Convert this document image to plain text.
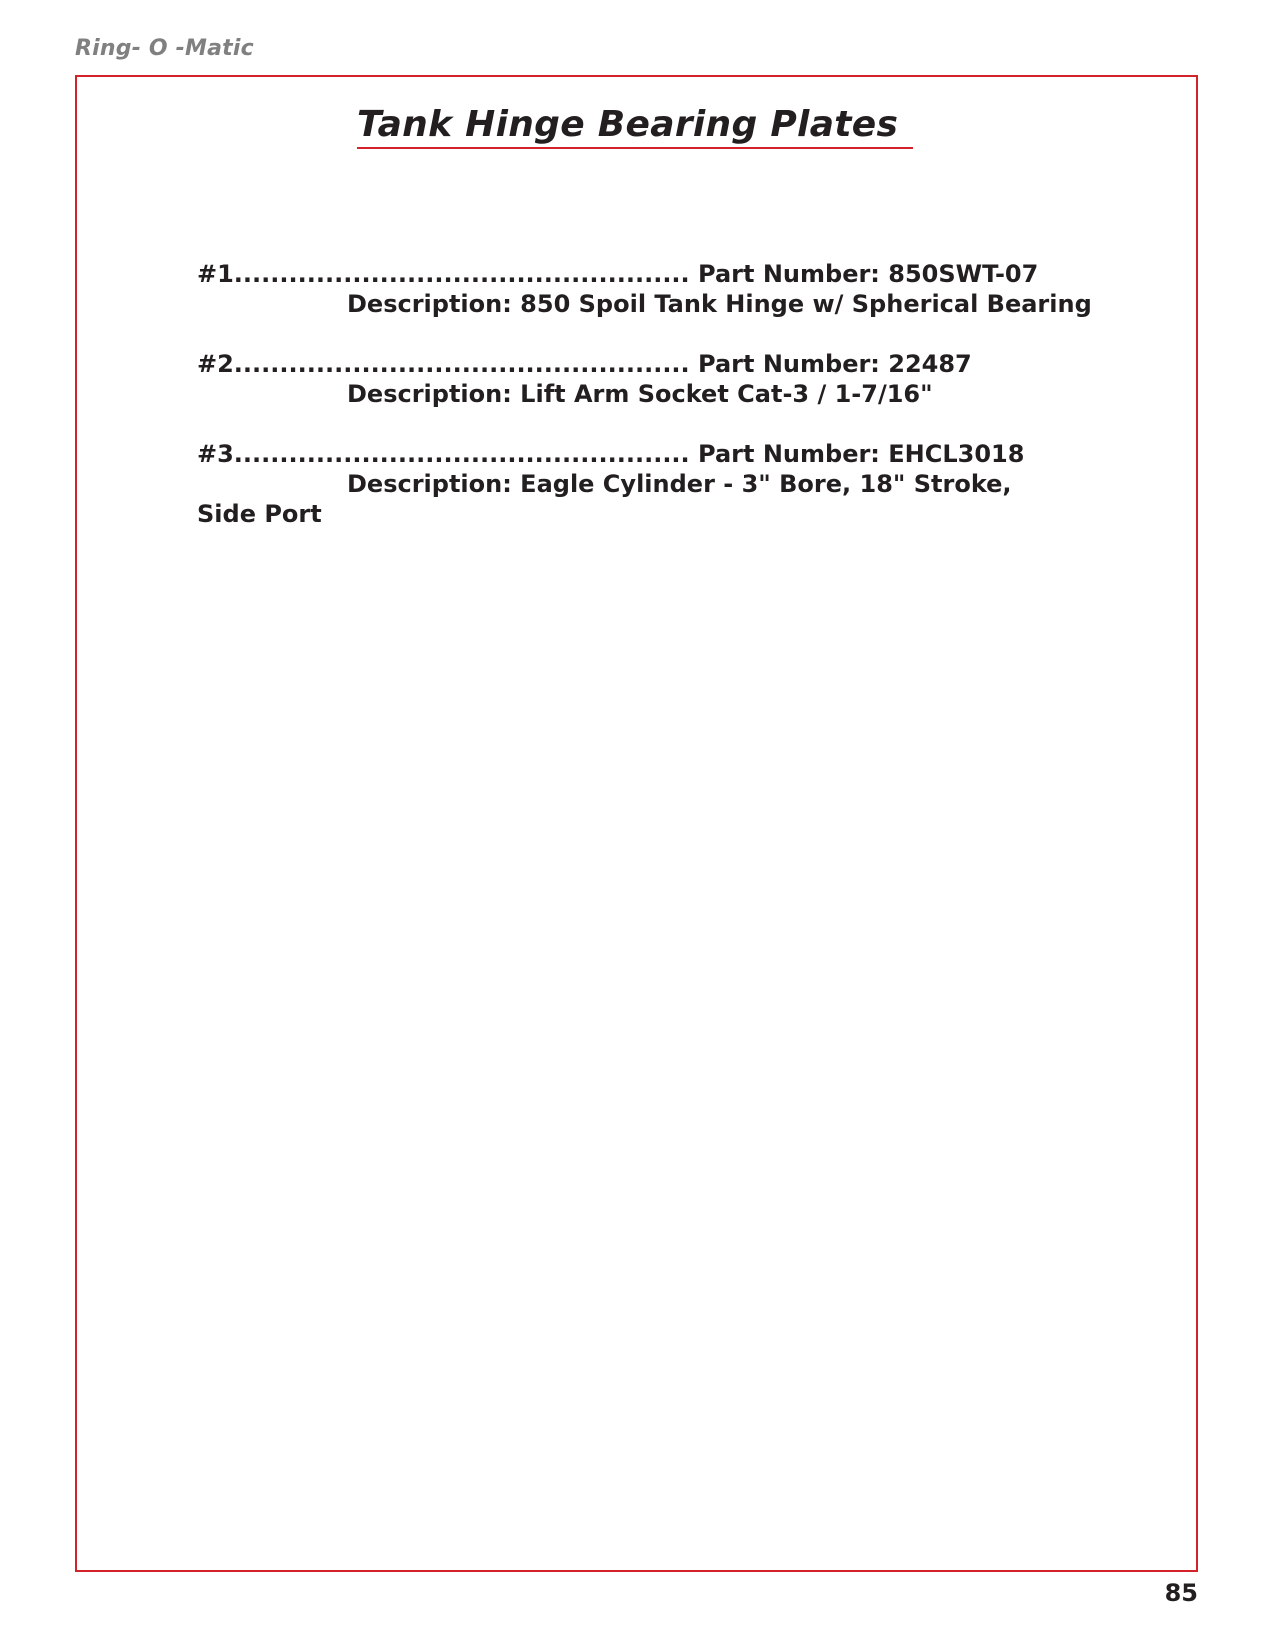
Ring- O -Matic
Tank Hinge Bearing Plates
#1.................................................. Part Number: 850SWT-07
Description: 850 Spoil Tank Hinge w/ Spherical Bearing
#2.................................................. Part Number: 22487
Description: Lift Arm Socket Cat-3 / 1-7/16"
#3.................................................. Part Number: EHCL3018
Description: Eagle Cylinder - 3" Bore, 18" Stroke,
Side Port
85
